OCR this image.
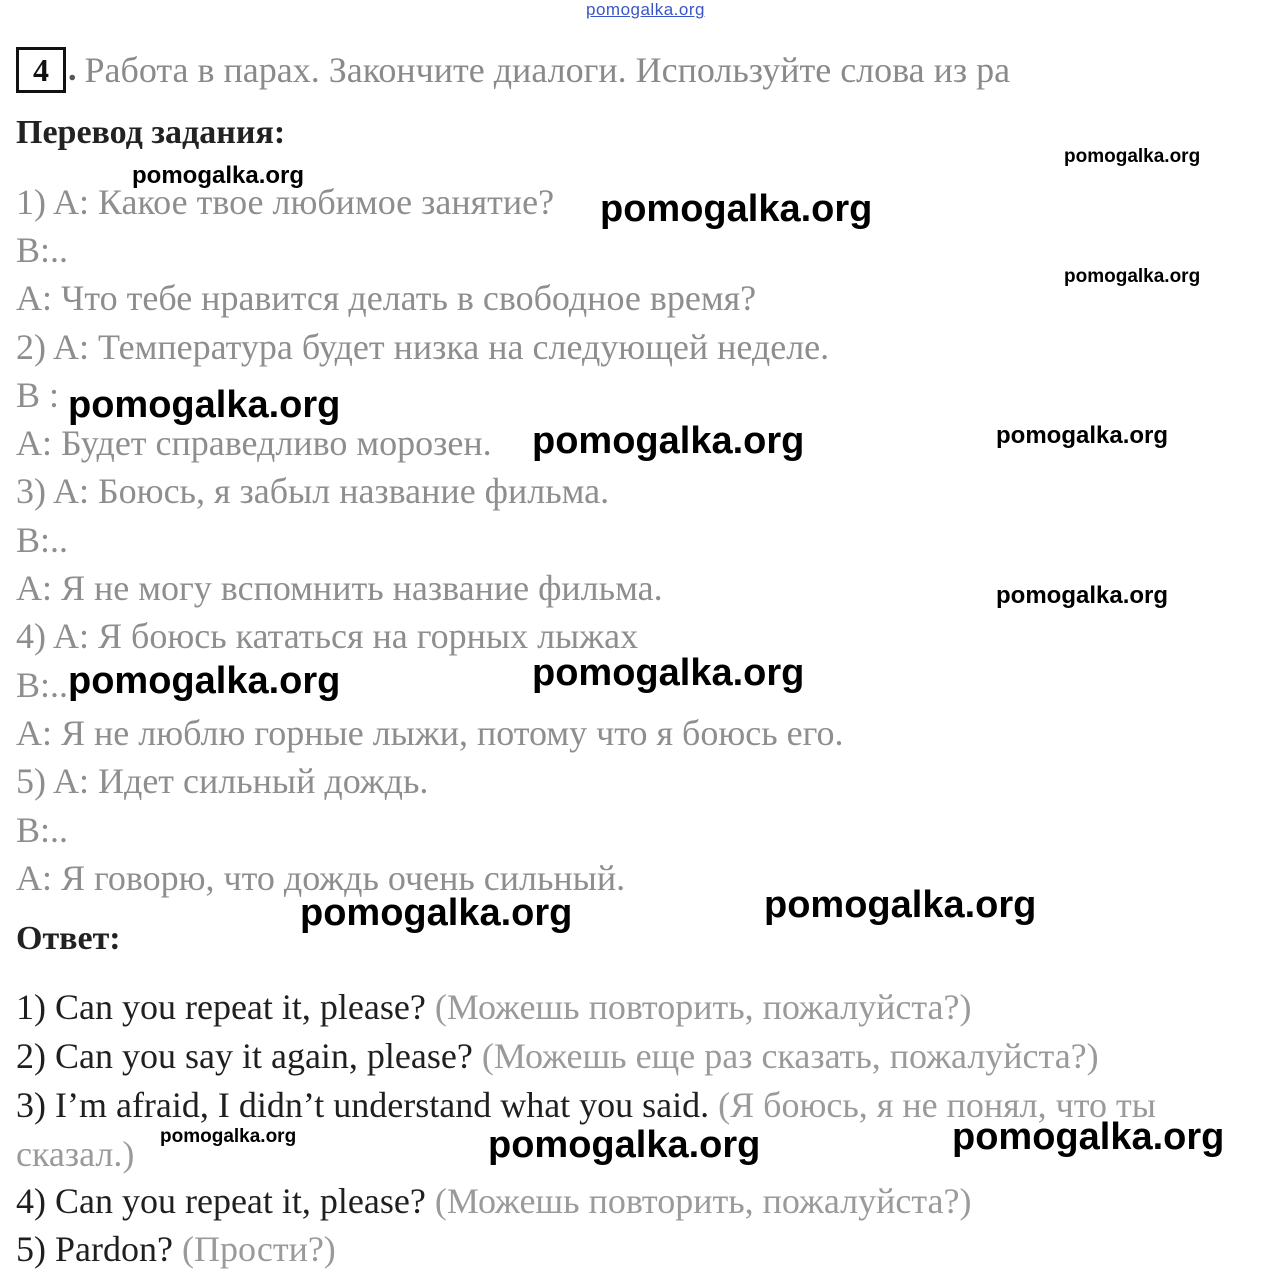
pomogalka.org
4 . Работа в парах. Закончите диалоги. Используйте слова из ра
Перевод задания:
1) A: Какое твое любимое занятие?
B:..
A: Что тебе нравится делать в свободное время?
2) A: Температура будет низка на следующей неделе.
B :
A: Будет справедливо морозен.
3) A: Боюсь, я забыл название фильма.
B:..
A: Я не могу вспомнить название фильма.
4) A: Я боюсь кататься на горных лыжах
B:..
A: Я не люблю горные лыжи, потому что я боюсь его.
5) A: Идет сильный дождь.
B:..
A: Я говорю, что дождь очень сильный.
Ответ:
1) Can you repeat it, please? (Можешь повторить, пожалуйста?)
2) Can you say it again, please? (Можешь еще раз сказать, пожалуйста?)
3) I’m afraid, I didn’t understand what you said. (Я боюсь, я не понял, что ты
сказал.)
4) Can you repeat it, please? (Можешь повторить, пожалуйста?)
5) Pardon? (Прости?)
pomogalka.org
pomogalka.org
pomogalka.org
pomogalka.org
pomogalka.org
pomogalka.org	pomogalka.org
pomogalka.org
pomogalka.org
pomogalka.org
pomogalka.org
pomogalka.org
pomogalka.org	pomogalka.org	pomogalka.org
